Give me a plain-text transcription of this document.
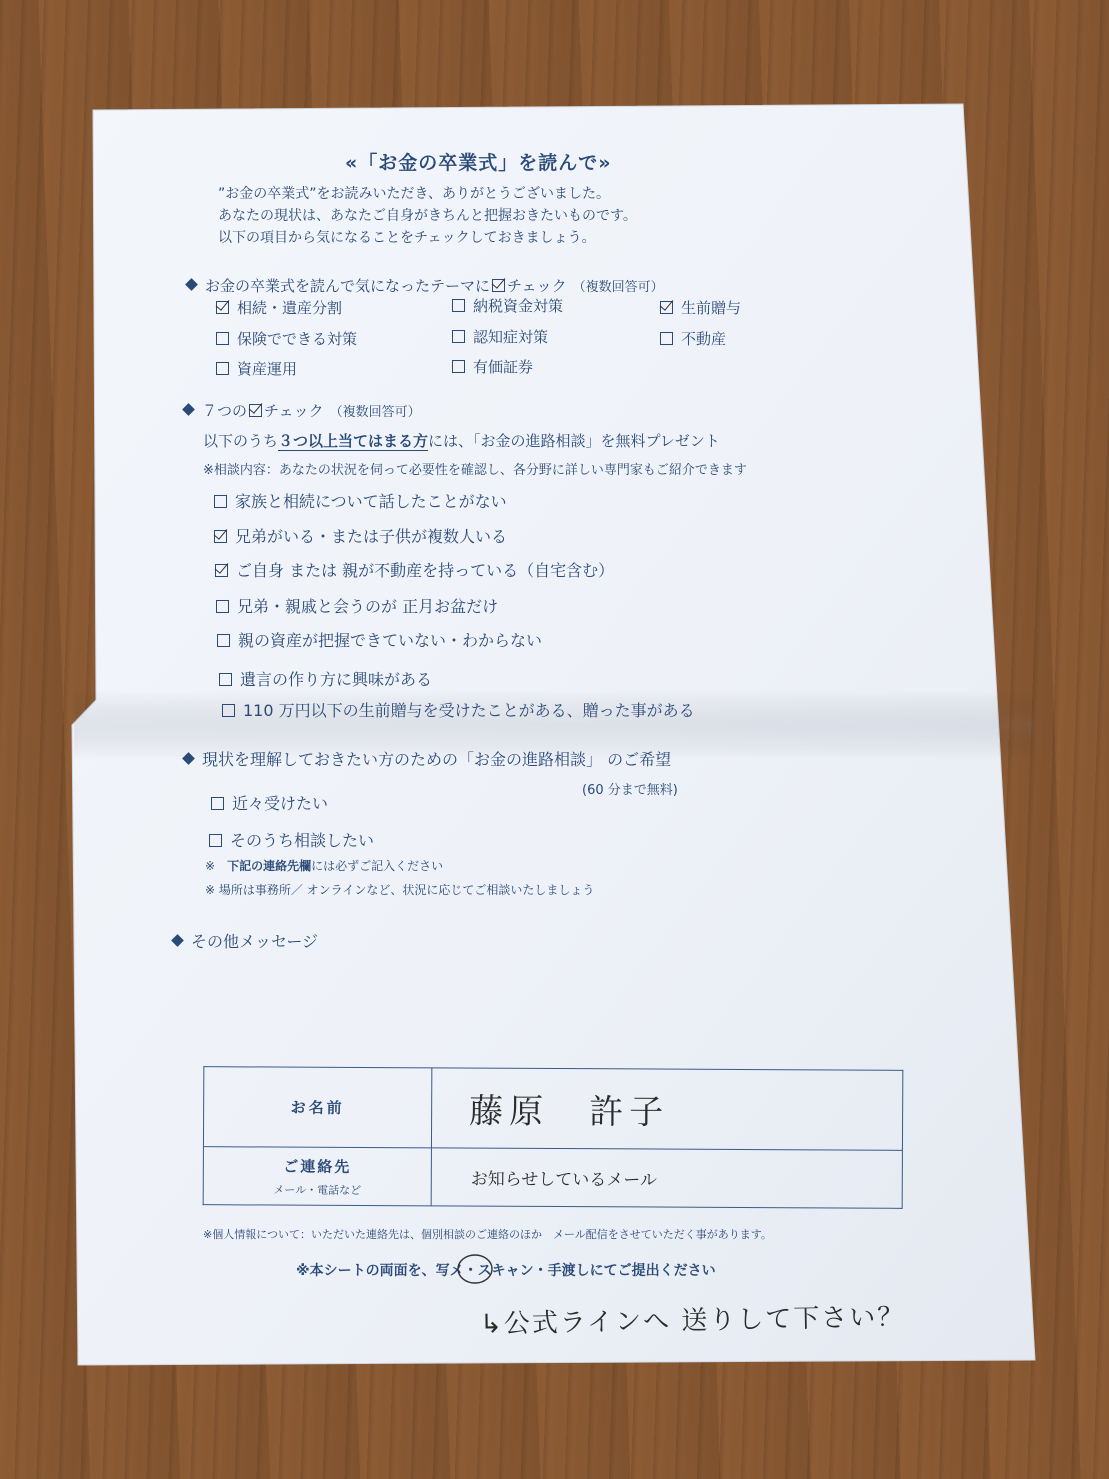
«「お金の卒業式」を読んで»
”お金の卒業式”をお読みいただき、ありがとうございました。
あなたの現状は、あなたご自身がきちんと把握おきたいものです。
以下の項目から気になることをチェックしておきましょう。
お金の卒業式を読んで気になったテーマに チェック （複数回答可）
相続・遺産分割	納税資金対策	生前贈与
保険でできる対策	認知症対策	不動産
資産運用	有価証券
７つの チェック （複数回答可）
以下のうち３つ以上当てはまる方には、「お金の進路相談」を無料プレゼント
※相談内容：あなたの状況を伺って必要性を確認し、各分野に詳しい専門家もご紹介できます
家族と相続について話したことがない
兄弟がいる・または子供が複数人いる
ご自身 または 親が不動産を持っている（自宅含む）
兄弟・親戚と会うのが 正月お盆だけ
親の資産が把握できていない・わからない
遺言の作り方に興味がある
110 万円以下の生前贈与を受けたことがある、贈った事がある
現状を理解しておきたい方のための「お金の進路相談」 のご希望
(60 分まで無料)
近々受けたい
そのうち相談したい
※　下記の連絡先欄には必ずご記入ください
※ 場所は事務所／ オンラインなど、状況に応じてご相談いたしましょう
その他メッセージ
お名前	藤原　許子

ご連絡先
メール・電話など	お知らせしているメール
※個人情報について：いただいた連絡先は、個別相談のご連絡のほか　メール配信をさせていただく事があります。
※本シートの両面を、写メ・スキャン・手渡しにてご提出ください
↳公式ラインへ 送りして下さい？
